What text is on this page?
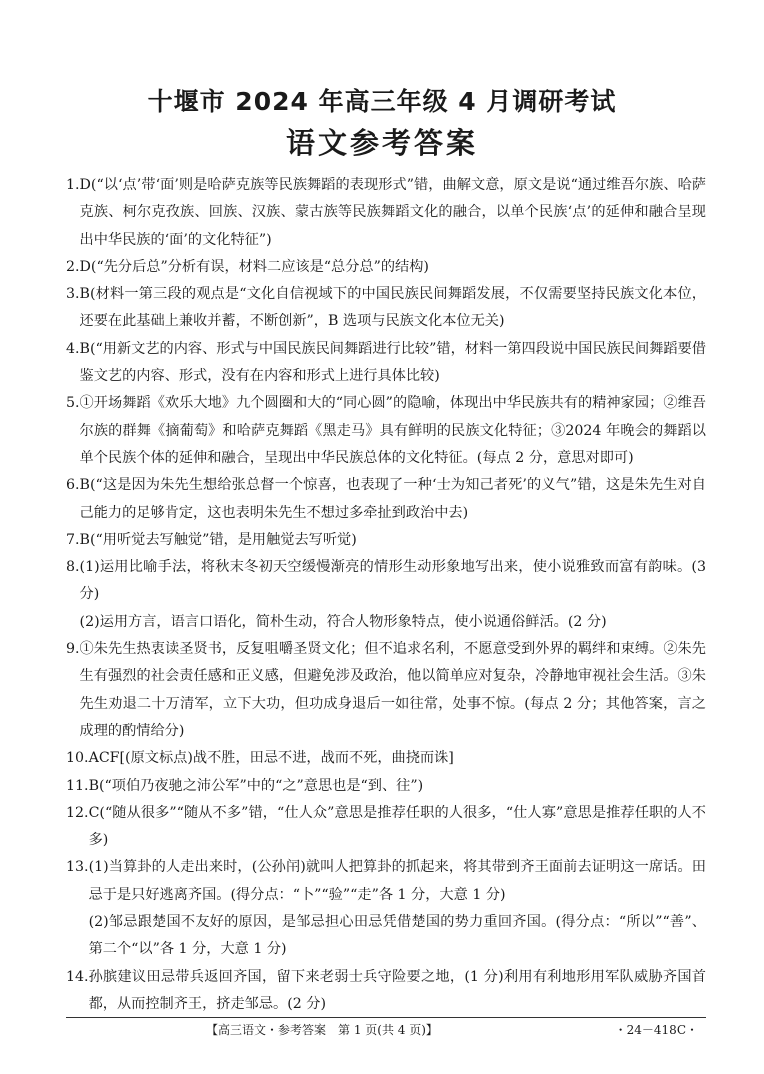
十堰市 2024 年高三年级 4 月调研考试
语文参考答案
1. D(“以‘点’带‘面’则是哈萨克族等民族舞蹈的表现形式”错，曲解文意，原文是说“通过维吾尔族、哈萨克族、柯尔克孜族、回族、汉族、蒙古族等民族舞蹈文化的融合，以单个民族‘点’的延伸和融合呈现出中华民族的‘面’的文化特征”)
2. D(“先分后总”分析有误，材料二应该是“总分总”的结构)
3. B(材料一第三段的观点是“文化自信视域下的中国民族民间舞蹈发展，不仅需要坚持民族文化本位，还要在此基础上兼收并蓄，不断创新”，B 选项与民族文化本位无关)
4. B(“用新文艺的内容、形式与中国民族民间舞蹈进行比较”错，材料一第四段说中国民族民间舞蹈要借鉴文艺的内容、形式，没有在内容和形式上进行具体比较)
5. ①开场舞蹈《欢乐大地》九个圆圈和大的“同心圆”的隐喻，体现出中华民族共有的精神家园；②维吾尔族的群舞《摘葡萄》和哈萨克舞蹈《黑走马》具有鲜明的民族文化特征；③2024 年晚会的舞蹈以单个民族个体的延伸和融合，呈现出中华民族总体的文化特征。(每点 2 分，意思对即可)
6. B(“这是因为朱先生想给张总督一个惊喜，也表现了一种‘士为知己者死’的义气”错，这是朱先生对自己能力的足够肯定，这也表明朱先生不想过多牵扯到政治中去)
7. B(“用听觉去写触觉”错，是用触觉去写听觉)
8. (1)运用比喻手法，将秋末冬初天空缓慢渐亮的情形生动形象地写出来，使小说雅致而富有韵味。(3 分)
(2)运用方言，语言口语化，简朴生动，符合人物形象特点，使小说通俗鲜活。(2 分)
9. ①朱先生热衷读圣贤书，反复咀嚼圣贤文化；但不追求名利，不愿意受到外界的羁绊和束缚。②朱先生有强烈的社会责任感和正义感，但避免涉及政治，他以简单应对复杂，冷静地审视社会生活。③朱先生劝退二十万清军，立下大功，但功成身退后一如往常，处事不惊。(每点 2 分；其他答案，言之成理的酌情给分)
10. ACF[(原文标点)战不胜，田忌不进，战而不死，曲挠而诛]
11. B(“项伯乃夜驰之沛公军”中的“之”意思也是“到、往”)
12. C(“随从很多”“随从不多”错，“仕人众”意思是推荐任职的人很多，“仕人寡”意思是推荐任职的人不多)
13. (1)当算卦的人走出来时，(公孙闬)就叫人把算卦的抓起来，将其带到齐王面前去证明这一席话。田忌于是只好逃离齐国。(得分点：“卜”“验”“走”各 1 分，大意 1 分)
(2)邹忌跟楚国不友好的原因，是邹忌担心田忌凭借楚国的势力重回齐国。(得分点：“所以”“善”、第二个“以”各 1 分，大意 1 分)
14. 孙膑建议田忌带兵返回齐国，留下来老弱士兵守险要之地，(1 分)利用有利地形用军队威胁齐国首都，从而控制齐王，挤走邹忌。(2 分)
【高三语文・参考答案　第 1 页(共 4 页)】	・24－418C・
